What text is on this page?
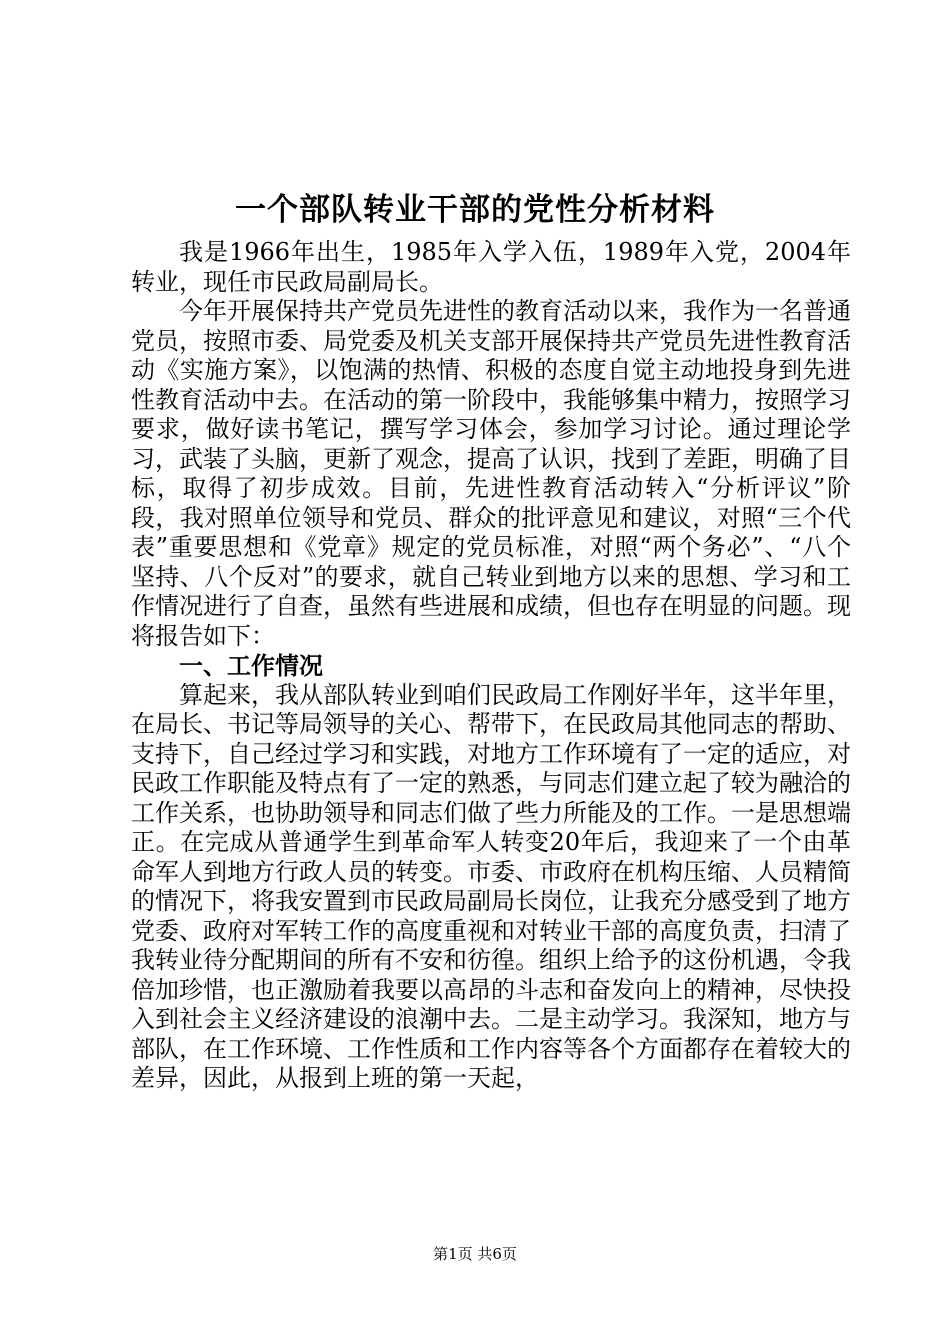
一个部队转业干部的党性分析材料

我是1966年出生，1985年入学入伍，1989年入党，2004年转业，现任市民政局副局长。

今年开展保持共产党员先进性的教育活动以来，我作为一名普通党员，按照市委、局党委及机关支部开展保持共产党员先进性教育活动《实施方案》，以饱满的热情、积极的态度自觉主动地投身到先进性教育活动中去。在活动的第一阶段中，我能够集中精力，按照学习要求，做好读书笔记，撰写学习体会，参加学习讨论。通过理论学习，武装了头脑，更新了观念，提高了认识，找到了差距，明确了目标，取得了初步成效。目前，先进性教育活动转入“分析评议”阶段，我对照单位领导和党员、群众的批评意见和建议，对照“三个代表”重要思想和《党章》规定的党员标准，对照“两个务必”、“八个坚持、八个反对”的要求，就自己转业到地方以来的思想、学习和工作情况进行了自查，虽然有些进展和成绩，但也存在明显的问题。现将报告如下：

一、工作情况

算起来，我从部队转业到咱们民政局工作刚好半年，这半年里，在局长、书记等局领导的关心、帮带下，在民政局其他同志的帮助、支持下，自己经过学习和实践，对地方工作环境有了一定的适应，对民政工作职能及特点有了一定的熟悉，与同志们建立起了较为融洽的工作关系，也协助领导和同志们做了些力所能及的工作。一是思想端正。在完成从普通学生到革命军人转变20年后，我迎来了一个由革命军人到地方行政人员的转变。市委、市政府在机构压缩、人员精简的情况下，将我安置到市民政局副局长岗位，让我充分感受到了地方党委、政府对军转工作的高度重视和对转业干部的高度负责，扫清了我转业待分配期间的所有不安和彷徨。组织上给予的这份机遇，令我倍加珍惜，也正激励着我要以高昂的斗志和奋发向上的精神，尽快投入到社会主义经济建设的浪潮中去。二是主动学习。我深知，地方与部队，在工作环境、工作性质和工作内容等各个方面都存在着较大的差异，因此，从报到上班的第一天起，

第1页 共6页
